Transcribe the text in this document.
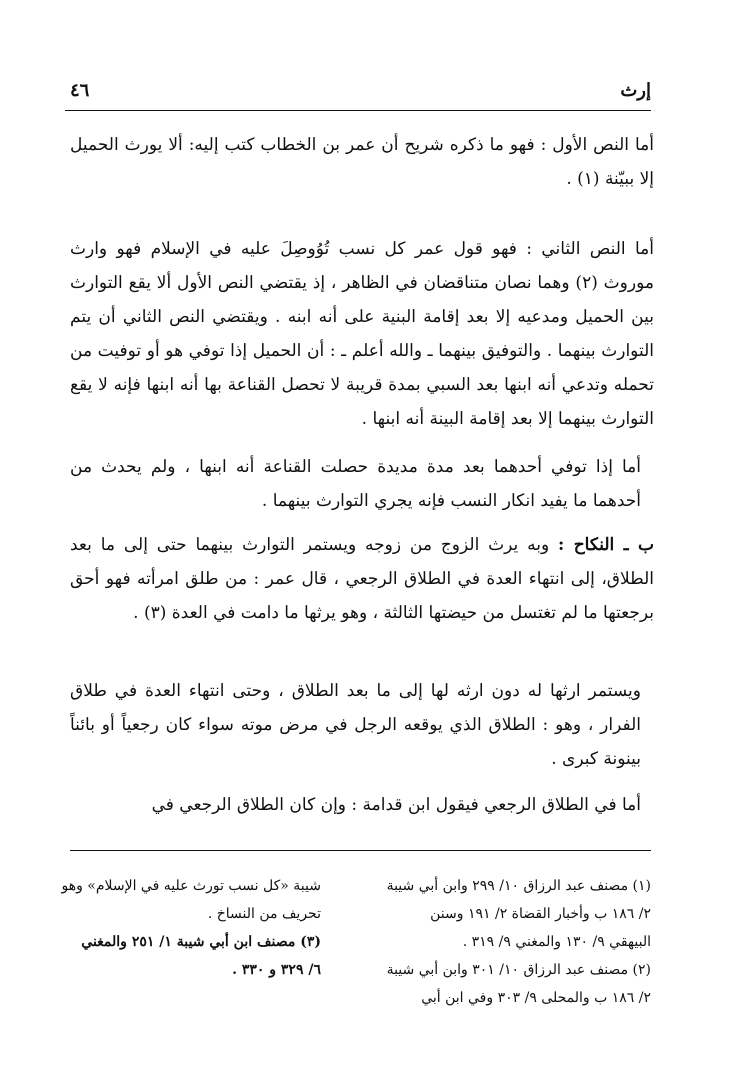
إرث
٤٦

أما النص الأول : فهو ما ذكره شريح أن عمر بن الخطاب كتب إليه: ألا يورث الحميل إلا ببيّنة (١) .

أما النص الثاني : فهو قول عمر كل نسب تُوُوصِلَ عليه في الإسلام فهو وارث موروث (٢) وهما نصان متناقضان في الظاهر ، إذ يقتضي النص الأول ألا يقع التوارث بين الحميل ومدعيه إلا بعد إقامة البنية على أنه ابنه . ويقتضي النص الثاني أن يتم التوارث بينهما . والتوفيق بينهما ـ والله أعلم ـ : أن الحميل إذا توفي هو أو توفيت من تحمله وتدعي أنه ابنها بعد السبي بمدة قريبة لا تحصل القناعة بها أنه ابنها فإنه لا يقع التوارث بينهما إلا بعد إقامة البينة أنه ابنها .

أما إذا توفي أحدهما بعد مدة مديدة حصلت القناعة أنه ابنها ، ولم يحدث من أحدهما ما يفيد انكار النسب فإنه يجري التوارث بينهما .

ب ـ النكاح : وبه يرث الزوج من زوجه ويستمر التوارث بينهما حتى إلى ما بعد الطلاق، إلى انتهاء العدة في الطلاق الرجعي ، قال عمر : من طلق امرأته فهو أحق برجعتها ما لم تغتسل من حيضتها الثالثة ، وهو يرثها ما دامت في العدة (٣) .

ويستمر ارثها له دون ارثه لها إلى ما بعد الطلاق ، وحتى انتهاء العدة في طلاق الفرار ، وهو : الطلاق الذي يوقعه الرجل في مرض موته سواء كان رجعياً أو بائناً بينونة كبرى .

أما في الطلاق الرجعي فيقول ابن قدامة : وإن كان الطلاق الرجعي في

(١) مصنف عبد الرزاق ١٠/ ٢٩٩ وابن أبي شيبة
٢/ ١٨٦ ب وأخبار القضاة ٢/ ١٩١ وسنن
البيهقي ٩/ ١٣٠ والمغني ٩/ ٣١٩ .
(٢) مصنف عبد الرزاق ١٠/ ٣٠١ وابن أبي شيبة
٢/ ١٨٦ ب والمحلى ٩/ ٣٠٣ وفي ابن أبي
شيبة «كل نسب تورث عليه في الإسلام» وهو
تحريف من النساخ .
(٣) مصنف ابن أبي شيبة ١/ ٢٥١ والمغني
٦/ ٣٢٩ و ٣٣٠ .
